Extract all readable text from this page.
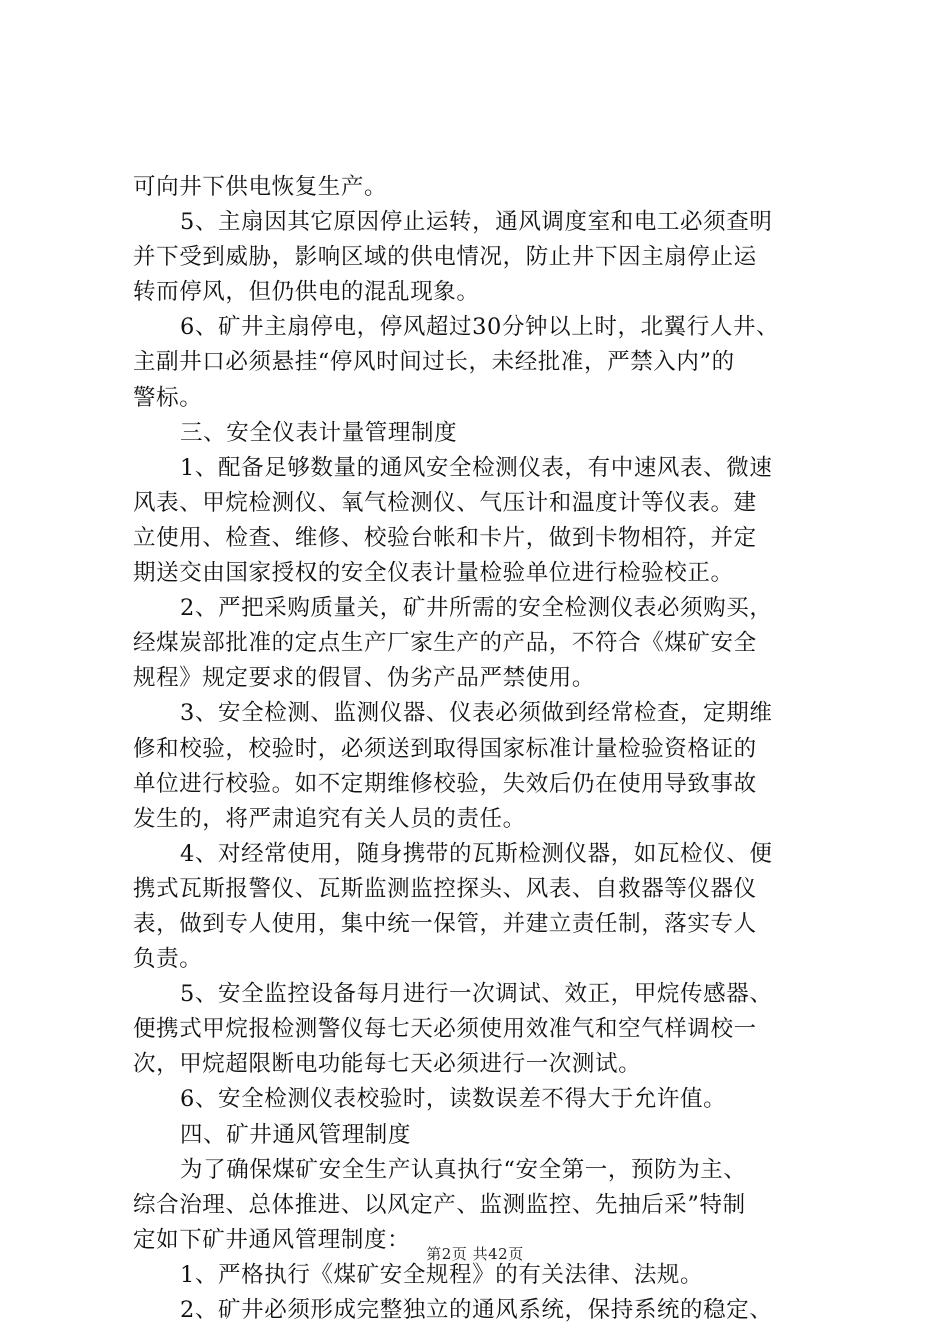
可向井下供电恢复生产。
5、主扇因其它原因停止运转，通风调度室和电工必须查明
并下受到威胁，影响区域的供电情况，防止井下因主扇停止运
转而停风，但仍供电的混乱现象。
6、矿井主扇停电，停风超过30分钟以上时，北翼行人井、
主副井口必须悬挂“停风时间过长，未经批准，严禁入内”的
警标。
三、安全仪表计量管理制度
1、配备足够数量的通风安全检测仪表，有中速风表、微速
风表、甲烷检测仪、氧气检测仪、气压计和温度计等仪表。建
立使用、检查、维修、校验台帐和卡片，做到卡物相符，并定
期送交由国家授权的安全仪表计量检验单位进行检验校正。
2、严把采购质量关，矿井所需的安全检测仪表必须购买，
经煤炭部批准的定点生产厂家生产的产品，不符合《煤矿安全
规程》规定要求的假冒、伪劣产品严禁使用。
3、安全检测、监测仪器、仪表必须做到经常检查，定期维
修和校验，校验时，必须送到取得国家标准计量检验资格证的
单位进行校验。如不定期维修校验，失效后仍在使用导致事故
发生的，将严肃追究有关人员的责任。
4、对经常使用，随身携带的瓦斯检测仪器，如瓦检仪、便
携式瓦斯报警仪、瓦斯监测监控探头、风表、自救器等仪器仪
表，做到专人使用，集中统一保管，并建立责任制，落实专人
负责。
5、安全监控设备每月进行一次调试、效正，甲烷传感器、
便携式甲烷报检测警仪每七天必须使用效准气和空气样调校一
次，甲烷超限断电功能每七天必须进行一次测试。
6、安全检测仪表校验时，读数误差不得大于允许值。
四、矿井通风管理制度
为了确保煤矿安全生产认真执行“安全第一，预防为主、
综合治理、总体推进、以风定产、监测监控、先抽后采”特制
定如下矿井通风管理制度：
1、严格执行《煤矿安全规程》的有关法律、法规。
2、矿井必须形成完整独立的通风系统，保持系统的稳定、
第2页 共42页
